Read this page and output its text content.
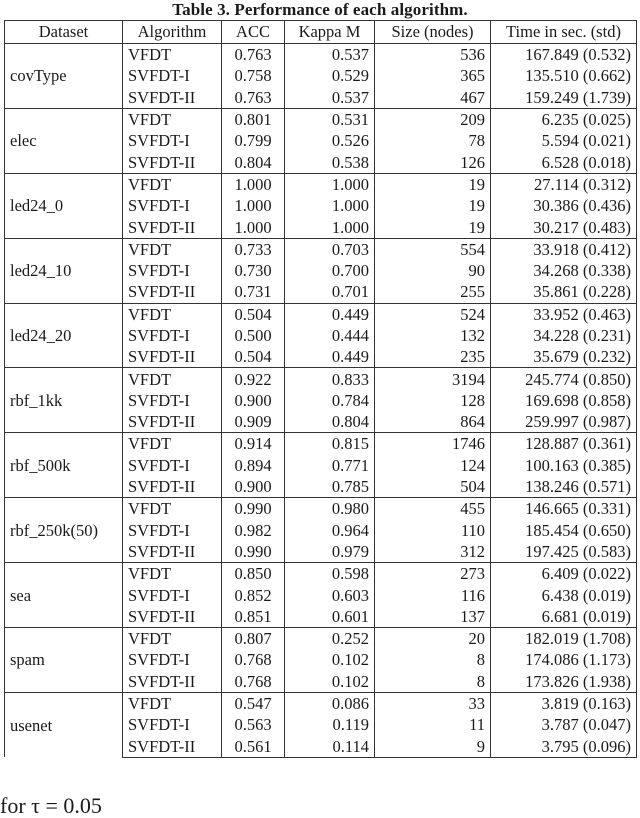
Table 3. Performance of each algorithm.
Dataset	Algorithm	ACC	Kappa M	Size (nodes)	Time in sec. (std)
covType	VFDT	0.763	0.537	536	167.849 (0.532)
	SVFDT-I	0.758	0.529	365	135.510 (0.662)
	SVFDT-II	0.763	0.537	467	159.249 (1.739)
elec	VFDT	0.801	0.531	209	6.235 (0.025)
	SVFDT-I	0.799	0.526	78	5.594 (0.021)
	SVFDT-II	0.804	0.538	126	6.528 (0.018)
led24_0	VFDT	1.000	1.000	19	27.114 (0.312)
	SVFDT-I	1.000	1.000	19	30.386 (0.436)
	SVFDT-II	1.000	1.000	19	30.217 (0.483)
led24_10	VFDT	0.733	0.703	554	33.918 (0.412)
	SVFDT-I	0.730	0.700	90	34.268 (0.338)
	SVFDT-II	0.731	0.701	255	35.861 (0.228)
led24_20	VFDT	0.504	0.449	524	33.952 (0.463)
	SVFDT-I	0.500	0.444	132	34.228 (0.231)
	SVFDT-II	0.504	0.449	235	35.679 (0.232)
rbf_1kk	VFDT	0.922	0.833	3194	245.774 (0.850)
	SVFDT-I	0.900	0.784	128	169.698 (0.858)
	SVFDT-II	0.909	0.804	864	259.997 (0.987)
rbf_500k	VFDT	0.914	0.815	1746	128.887 (0.361)
	SVFDT-I	0.894	0.771	124	100.163 (0.385)
	SVFDT-II	0.900	0.785	504	138.246 (0.571)
rbf_250k(50)	VFDT	0.990	0.980	455	146.665 (0.331)
	SVFDT-I	0.982	0.964	110	185.454 (0.650)
	SVFDT-II	0.990	0.979	312	197.425 (0.583)
sea	VFDT	0.850	0.598	273	6.409 (0.022)
	SVFDT-I	0.852	0.603	116	6.438 (0.019)
	SVFDT-II	0.851	0.601	137	6.681 (0.019)
spam	VFDT	0.807	0.252	20	182.019 (1.708)
	SVFDT-I	0.768	0.102	8	174.086 (1.173)
	SVFDT-II	0.768	0.102	8	173.826 (1.938)
usenet	VFDT	0.547	0.086	33	3.819 (0.163)
	SVFDT-I	0.563	0.119	11	3.787 (0.047)
	SVFDT-II	0.561	0.114	9	3.795 (0.096)
for τ = 0.05
